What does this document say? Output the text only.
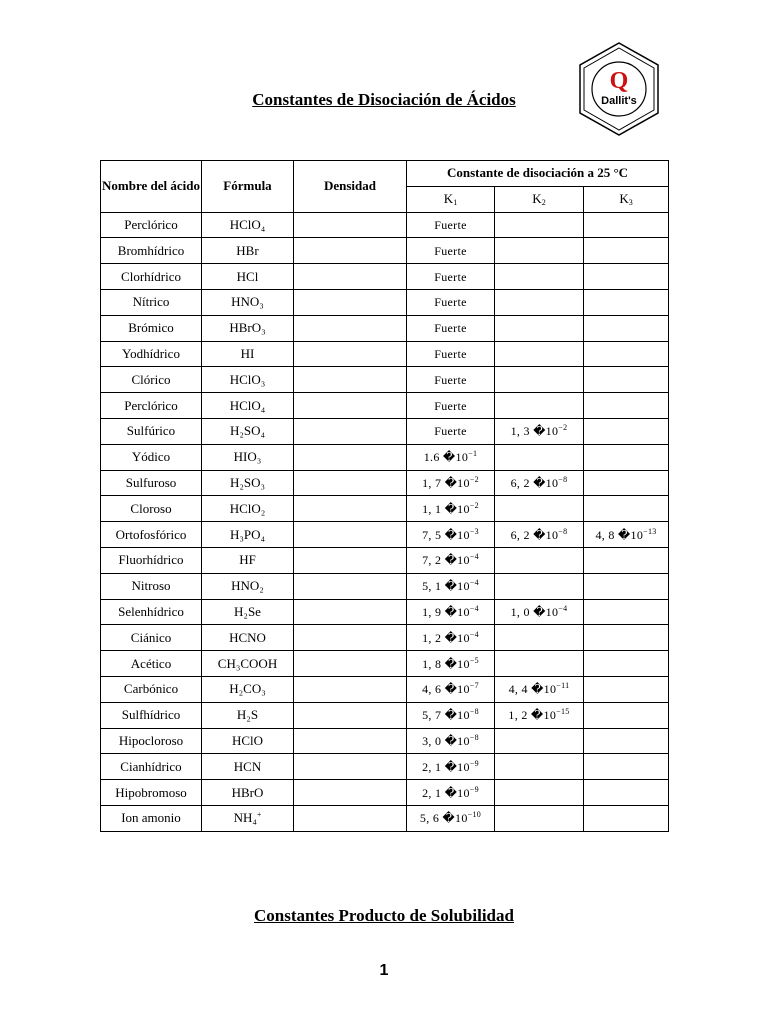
Constantes de Disociación de Ácidos
Q
Dallit's
Nombre del ácido	Fórmula	Densidad	Constante de disociación a 25 °C		
			$K_1$	$K_2$	$K_3$
Perclórico	HClO₄		Fuerte		
Bromhídrico	HBr		Fuerte		
Clorhídrico	HCl		Fuerte		
Nítrico	HNO₃		Fuerte		
Brómico	HBrO₃		Fuerte		
Yodhídrico	HI		Fuerte		
Clórico	HClO₃		Fuerte		
Perclórico	HClO₄		Fuerte		
Sulfúrico	H₂SO₄		Fuerte	1, 3 $�10^{-2}$	
Yódico	HIO₃		1.6 $�10^{-1}$		
Sulfuroso	H₂SO₃		1, 7 $�10^{-2}$	6, 2 $�10^{-8}$	
Cloroso	HClO₂		1, 1 $�10^{-2}$		
Ortofosfórico	H₃PO₄		7, 5 $�10^{-3}$	6, 2 $�10^{-8}$	4, 8 $�10^{-13}$
Fluorhídrico	HF		7, 2 $�10^{-4}$		
Nitroso	HNO₂		5, 1 $�10^{-4}$		
Selenhídrico	H₂Se		1, 9 $�10^{-4}$	1, 0 $�10^{-4}$	
Ciánico	HCNO		1, 2 $�10^{-4}$		
Acético	CH₃COOH		1, 8 $�10^{-5}$		
Carbónico	H₂CO₃		4, 6 $�10^{-7}$	4, 4 $�10^{-11}$	
Sulfhídrico	H₂S		5, 7 $�10^{-8}$	1, 2 $�10^{-15}$	
Hipocloroso	HClO		3, 0 $�10^{-8}$		
Cianhídrico	HCN		2, 1 $�10^{-9}$		
Hipobromoso	HBrO		2, 1 $�10^{-9}$		
Ion amonio	NH₄+		5, 6 $�10^{-10}$		
Constantes Producto de Solubilidad
1
